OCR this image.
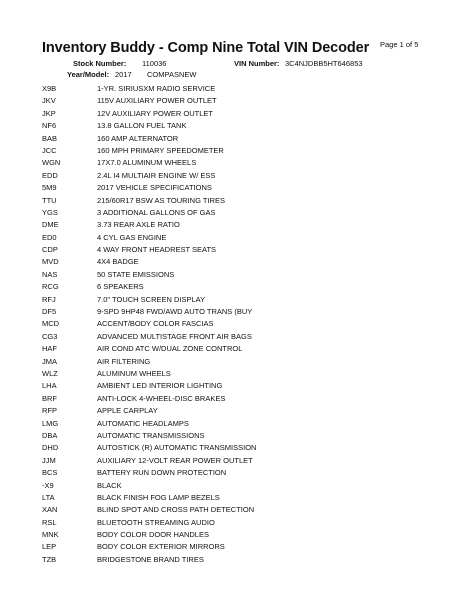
Inventory Buddy - Comp Nine Total VIN Decoder Page 1 of 5
Stock Number: 110036	VIN Number: 3C4NJDBB5HT646853
Year/Model: 2017 COMPASNEW
X9B	1-YR. SIRIUSXM RADIO SERVICE
JKV	115V AUXILIARY POWER OUTLET
JKP	12V AUXILIARY POWER OUTLET
NF6	13.8 GALLON FUEL TANK
BAB	160 AMP ALTERNATOR
JCC	160 MPH PRIMARY SPEEDOMETER
WGN	17X7.0 ALUMINUM WHEELS
EDD	2.4L I4 MULTIAIR ENGINE W/ ESS
5M9	2017 VEHICLE SPECIFICATIONS
TTU	215/60R17 BSW AS TOURING TIRES
YGS	3 ADDITIONAL GALLONS OF GAS
DME	3.73 REAR AXLE RATIO
ED0	4 CYL GAS ENGINE
CDP	4 WAY FRONT HEADREST SEATS
MVD	4X4 BADGE
NAS	50 STATE EMISSIONS
RCG	6 SPEAKERS
RFJ	7.0" TOUCH SCREEN DISPLAY
DF5	9-SPD 9HP48 FWD/AWD AUTO TRANS (BUY
MCD	ACCENT/BODY COLOR FASCIAS
CG3	ADVANCED MULTISTAGE FRONT AIR BAGS
HAF	AIR COND ATC W/DUAL ZONE CONTROL
JMA	AIR FILTERING
WLZ	ALUMINUM WHEELS
LHA	AMBIENT LED INTERIOR LIGHTING
BRF	ANTI-LOCK 4-WHEEL-DISC BRAKES
RFP	APPLE CARPLAY
LMG	AUTOMATIC HEADLAMPS
DBA	AUTOMATIC TRANSMISSIONS
DHD	AUTOSTICK (R) AUTOMATIC TRANSMISSION
JJM	AUXILIARY 12-VOLT REAR POWER OUTLET
BCS	BATTERY RUN DOWN PROTECTION
-X9	BLACK
LTA	BLACK FINISH FOG LAMP BEZELS
XAN	BLIND SPOT AND CROSS PATH DETECTION
RSL	BLUETOOTH STREAMING AUDIO
MNK	BODY COLOR DOOR HANDLES
LEP	BODY COLOR EXTERIOR MIRRORS
TZB	BRIDGESTONE BRAND TIRES
